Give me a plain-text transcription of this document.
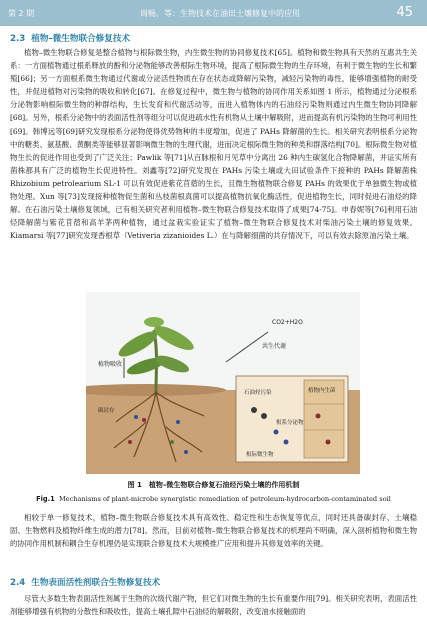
第 2 期	周畅，等：生物技术在油田土壤修复中的应用	45
2.3 植物–微生物联合修复技术

植物–微生物联合修复是整合植物与根际微生物，内生微生物的协同修复技术[65]。植物和微生物具有天然的互惠共生关系：一方面植物通过根系释放的酚和分泌物能够改善根际生物环境，提高了根际微生物的生存环境，有利于微生物的生长和繁殖[66]；另一方面根系微生物通过代谢或分泌活性物质在存在状态或降解污染物，减轻污染物的毒性，能够增强植物的耐受性，并促进植物对污染物的吸收和转化[67]。在修复过程中，微生物与植物的协同作用关系如图 1 所示，植物通过分泌根系分泌物影响根际微生物的种群结构，生长发育和代谢活动等，而进入植物体内的石油烃污染物则通过内生微生物协同降解[68]。另外，根系分泌物中的表面活性剂等组分可以促进疏水性有机物从土壤中解吸附，进而提高有机污染物的生物可利用性[69]。韩博远等[69]研究发现根系分泌物使得优势物种的丰度增加，促进了 PAHs 降解菌的生长。相关研究表明根系分泌物中的糖类、氨基酸、黄酮类等能够显著影响微生物的生理代谢，进而决定根际微生物的种类和群落结构[70]。根际微生物对植物生长的促进作用也受到了广泛关注；Pawlik 等[71]从百脉根和月见草中分离出 26 种内生碳氢化合物降解菌，并证实所有菌株都具有广泛的植物生长促进特性。刘鑫等[72]研究发现在 PAHs 污染土壤或大田试验条件下接种的 PAHs 降解菌株 Rhizobium petrolearium SL-1 可以有效促进紫花苜蓿的生长，且微生物植物联合修复 PAHs 的效果优于单独微生物或植物处理。Xun 等[73]发现接种植物促生菌和丛枝菌根真菌可以提高植物抗氧化酶活性，促进植物生长，同时促进石油烃的降解。在石油污染土壤修复领域，已有相关研究者利用植物–微生物联合修复技术取得了成果[74-75]。申春妮等[76]利用石油烃降解菌与紫花苜蓿和高羊茅两种植物，通过盆栽实验证实了植物–微生物联合修复技术对柴油污染土壤的修复效果。Kiamarsi 等[77]研究发现香根草（Vetiveria zizanioides L.）在与降解细菌的共存情况下，可以有效去除原油污染土壤。

CO2+H2O
共生代谢
植物吸收
石油烃污染	植物内生菌
根际微生物
根系分泌物
碳封存
图 1　植物–微生物联合修复石油烃污染土壤的作用机制
Fig.1 Mechanisms of plant-microbe synergistic remediation of petroleum-hydrocarbon-contaminated soil

相较于单一修复技术，植物–微生物联合修复技术具有高效性、稳定性和生态恢复等优点，同时还具备碳封存、土壤稳固、生物燃料及植物纤维生成的潜力[78]。然而，目前对植物–微生物联合修复技术的机理尚不明确，深入剖析植物和微生物的协同作用机制和耦合生存机理仍是实现联合修复技术大规模推广应用和提升其修复效率的关键。

2.4 生物表面活性剂联合生物修复技术

尽管大多数生物表面活性剂属于生物的次级代谢产物，但它们对微生物的生长有重要作用[79]。相关研究表明，表面活性剂能够增强有机物的分散性和吸收性，提高土壤孔隙中石油烃的解吸附，改变油水接触面的
